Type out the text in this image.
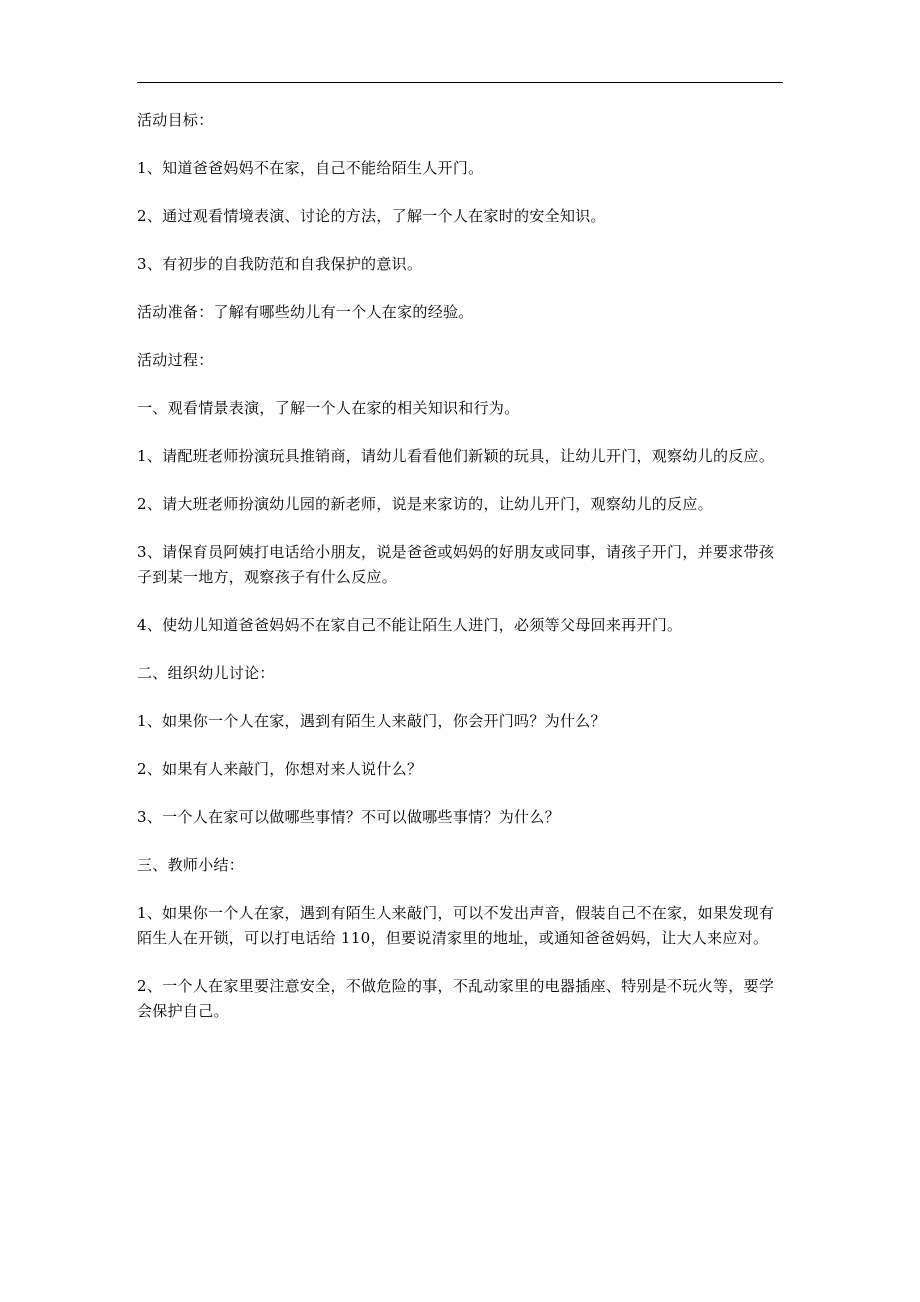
活动目标：

1、知道爸爸妈妈不在家，自己不能给陌生人开门。

2、通过观看情境表演、讨论的方法，了解一个人在家时的安全知识。

3、有初步的自我防范和自我保护的意识。

活动准备：了解有哪些幼儿有一个人在家的经验。

活动过程：

一、观看情景表演，了解一个人在家的相关知识和行为。

1、请配班老师扮演玩具推销商，请幼儿看看他们新颖的玩具，让幼儿开门，观察幼儿的反应。

2、请大班老师扮演幼儿园的新老师，说是来家访的，让幼儿开门，观察幼儿的反应。

3、请保育员阿姨打电话给小朋友，说是爸爸或妈妈的好朋友或同事，请孩子开门，并要求带孩子到某一地方，观察孩子有什么反应。

4、使幼儿知道爸爸妈妈不在家自己不能让陌生人进门，必须等父母回来再开门。

二、组织幼儿讨论：

1、如果你一个人在家，遇到有陌生人来敲门，你会开门吗？为什么？

2、如果有人来敲门，你想对来人说什么？

3、一个人在家可以做哪些事情？不可以做哪些事情？为什么？

三、教师小结：

1、如果你一个人在家，遇到有陌生人来敲门，可以不发出声音，假装自己不在家，如果发现有陌生人在开锁，可以打电话给 110，但要说清家里的地址，或通知爸爸妈妈，让大人来应对。

2、一个人在家里要注意安全，不做危险的事，不乱动家里的电器插座、特别是不玩火等，要学会保护自己。
